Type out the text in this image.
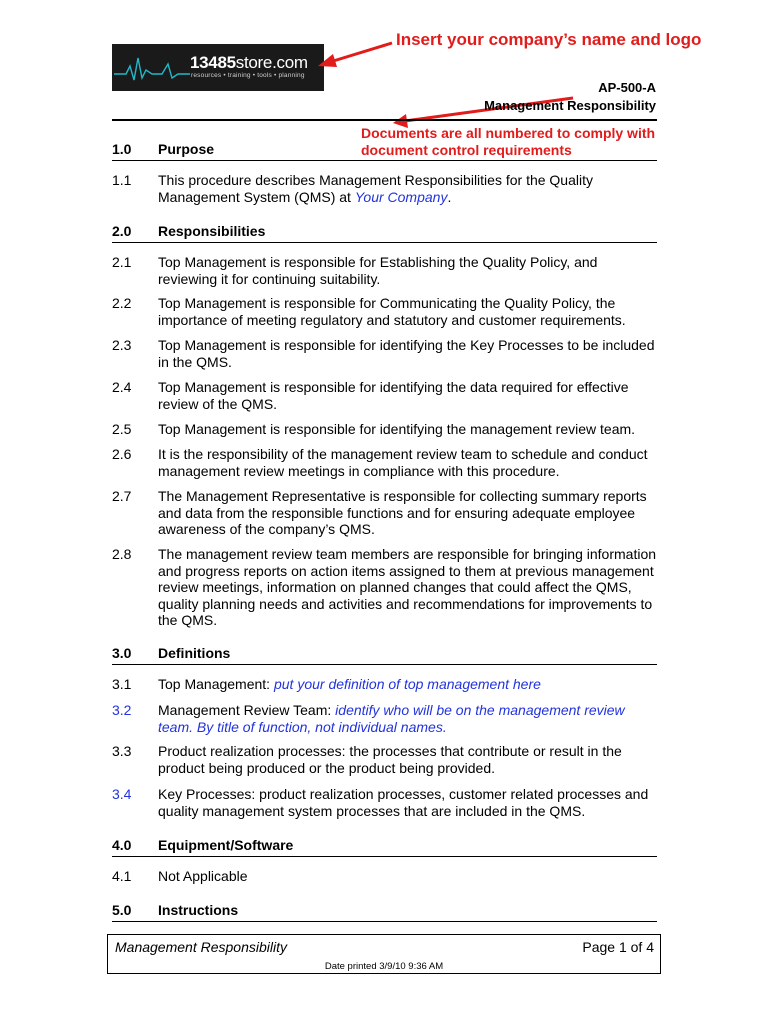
13485store.com
resources • training • tools • planning
Insert your company’s name and logo
AP-500-A
Management Responsibility
Documents are all numbered to comply with
document control requirements
1.0 Purpose
1.1 This procedure describes Management Responsibilities for the Quality Management System (QMS) at Your Company.
2.0 Responsibilities
2.1 Top Management is responsible for Establishing the Quality Policy, and reviewing it for continuing suitability.
2.2 Top Management is responsible for Communicating the Quality Policy, the importance of meeting regulatory and statutory and customer requirements.
2.3 Top Management is responsible for identifying the Key Processes to be included in the QMS.
2.4 Top Management is responsible for identifying the data required for effective review of the QMS.
2.5 Top Management is responsible for identifying the management review team.
2.6 It is the responsibility of the management review team to schedule and conduct management review meetings in compliance with this procedure.
2.7 The Management Representative is responsible for collecting summary reports and data from the responsible functions and for ensuring adequate employee awareness of the company’s QMS.
2.8 The management review team members are responsible for bringing information and progress reports on action items assigned to them at previous management review meetings, information on planned changes that could affect the QMS, quality planning needs and activities and recommendations for improvements to the QMS.
3.0 Definitions
3.1 Top Management: put your definition of top management here
3.2 Management Review Team: identify who will be on the management review team. By title of function, not individual names.
3.3 Product realization processes: the processes that contribute or result in the product being produced or the product being provided.
3.4 Key Processes: product realization processes, customer related processes and quality management system processes that are included in the QMS.
4.0 Equipment/Software
4.1 Not Applicable
5.0 Instructions
Management Responsibility	Page 1 of 4
Date printed 3/9/10 9:36 AM
